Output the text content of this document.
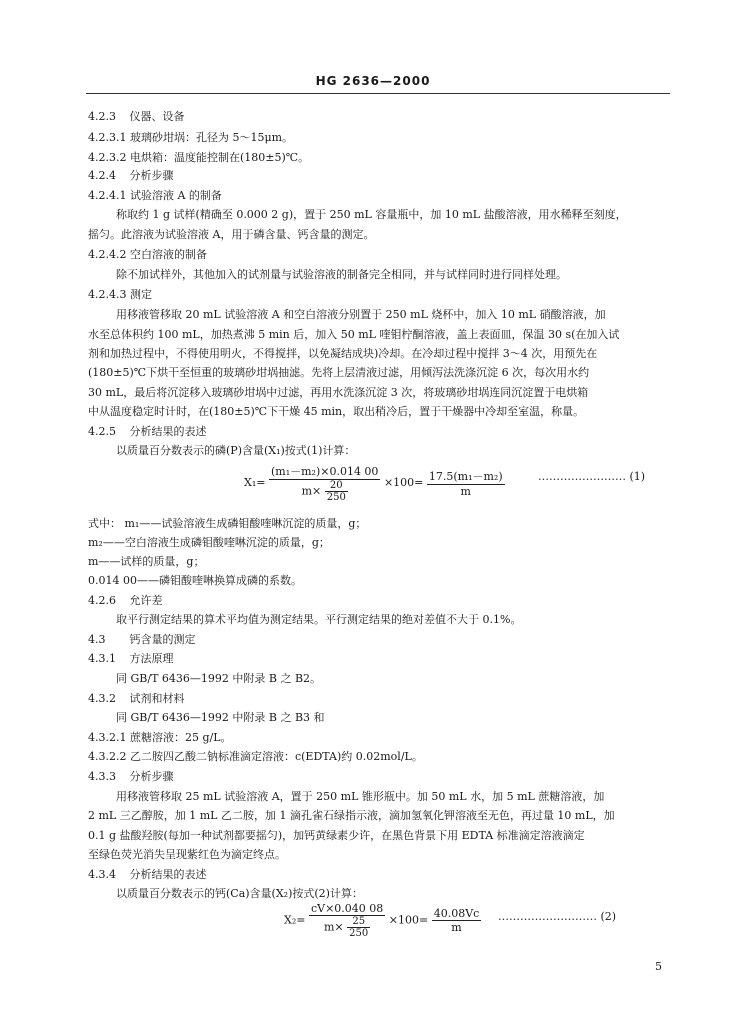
HG 2636—2000
4.2.3 仪器、设备
4.2.3.1 玻璃砂坩埚：孔径为 5～15μm。
4.2.3.2 电烘箱：温度能控制在(180±5)℃。
4.2.4 分析步骤
4.2.4.1 试验溶液 A 的制备
称取约 1 g 试样(精确至 0.000 2 g)，置于 250 mL 容量瓶中，加 10 mL 盐酸溶液，用水稀释至刻度，
摇匀。此溶液为试验溶液 A，用于磷含量、钙含量的测定。
4.2.4.2 空白溶液的制备
除不加试样外，其他加入的试剂量与试验溶液的制备完全相同，并与试样同时进行同样处理。
4.2.4.3 测定
用移液管移取 20 mL 试验溶液 A 和空白溶液分别置于 250 mL 烧杯中，加入 10 mL 硝酸溶液，加
水至总体积约 100 mL，加热煮沸 5 min 后，加入 50 mL 喹钼柠酮溶液，盖上表面皿，保温 30 s(在加入试
剂和加热过程中，不得使用明火，不得搅拌，以免凝结成块)冷却。在冷却过程中搅拌 3～4 次，用预先在
(180±5)℃下烘干至恒重的玻璃砂坩埚抽滤。先将上层清液过滤，用倾泻法洗涤沉淀 6 次，每次用水约
30 mL，最后将沉淀移入玻璃砂坩埚中过滤，再用水洗涤沉淀 3 次，将玻璃砂坩埚连同沉淀置于电烘箱
中从温度稳定时计时，在(180±5)℃下干燥 45 min，取出稍冷后，置于干燥器中冷却至室温，称量。
4.2.5 分析结果的表述
以质量百分数表示的磷(P)含量(X₁)按式(1)计算：
式中： m₁——试验溶液生成磷钼酸喹啉沉淀的质量，g；
m₂——空白溶液生成磷钼酸喹啉沉淀的质量，g；
m——试样的质量，g；
0.014 00——磷钼酸喹啉换算成磷的系数。
4.2.6 允许差
取平行测定结果的算术平均值为测定结果。平行测定结果的绝对差值不大于 0.1%。
4.3 钙含量的测定
4.3.1 方法原理
同 GB/T 6436—1992 中附录 B 之 B2。
4.3.2 试剂和材料
同 GB/T 6436—1992 中附录 B 之 B3 和
4.3.2.1 蔗糖溶液：25 g/L。
4.3.2.2 乙二胺四乙酸二钠标准滴定溶液：c(EDTA)约 0.02mol/L。
4.3.3 分析步骤
用移液管移取 25 mL 试验溶液 A，置于 250 mL 锥形瓶中。加 50 mL 水，加 5 mL 蔗糖溶液，加
2 mL 三乙醇胺，加 1 mL 乙二胺，加 1 滴孔雀石绿指示液，滴加氢氧化钾溶液至无色，再过量 10 mL，加
0.1 g 盐酸羟胺(每加一种试剂都要摇匀)，加钙黄绿素少许，在黑色背景下用 EDTA 标准滴定溶液滴定
至绿色荧光消失呈现紫红色为滴定终点。
4.3.4 分析结果的表述
以质量百分数表示的钙(Ca)含量(X₂)按式(2)计算：
$X_1= \frac{\text{(m₁－m₂)×0.014 00}}{m\times \frac{20}{250}} \times 100= \frac{\text{17.5(m₁－m₂)}}{m}$	…………………… (1)
$X_2= \frac{cV\times 0.040 08}{m\times \frac{25}{250}} \times 100= \frac{40.08Vc}{m}$ ……………………… (2)
5
